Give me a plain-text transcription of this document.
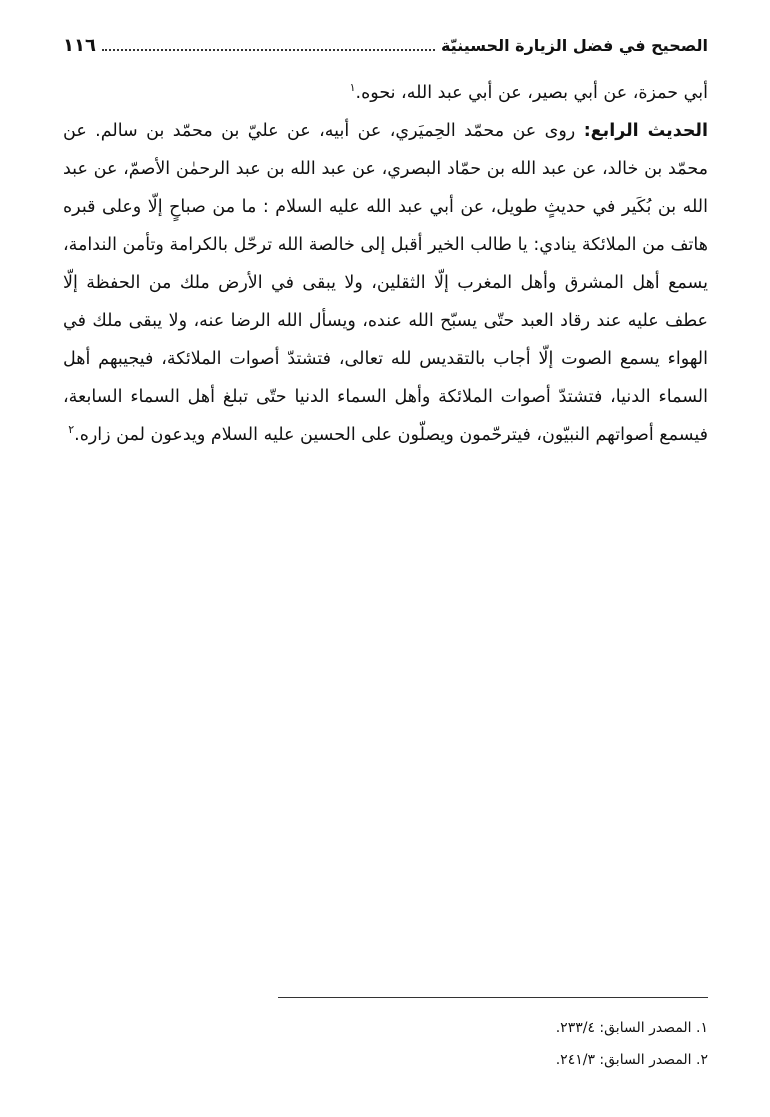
الصحيح في فضل الزيارة الحسينيّة
١١٦

أبي حمزة، عن أبي بصير، عن أبي عبد الله، نحوه.$^١$

الحديث الرابع: روى عن محمّد الحِميَري، عن أبيه، عن عليّ بن محمّد بن سالم. عن محمّد بن خالد، عن عبد الله بن حمّاد البصري، عن عبد الله بن عبد الرحمٰن الأصمّ، عن عبد الله بن بُكَير في حديثٍ طويل، عن أبي عبد الله عليه السلام : ما من صباحٍ إلّا وعلى قبره هاتف من الملائكة ينادي: يا طالب الخير أقبل إلى خالصة الله ترحّل بالكرامة وتأمن الندامة، يسمع أهل المشرق وأهل المغرب إلّا الثقلين، ولا يبقى في الأرض ملك من الحفظة إلّا عطف عليه عند رقاد العبد حتّى يسبّح الله عنده، ويسأل الله الرضا عنه، ولا يبقى ملك في الهواء يسمع الصوت إلّا أجاب بالتقديس لله تعالى، فتشتدّ أصوات الملائكة، فيجيبهم أهل السماء الدنيا، فتشتدّ أصوات الملائكة وأهل السماء الدنيا حتّى تبلغ أهل السماء السابعة، فيسمع أصواتهم النبيّون، فيترحّمون ويصلّون على الحسين عليه السلام ويدعون لمن زاره.$^٢$

١. المصدر السابق: ٢٣٣/٤.
٢. المصدر السابق: ٢٤١/٣.
